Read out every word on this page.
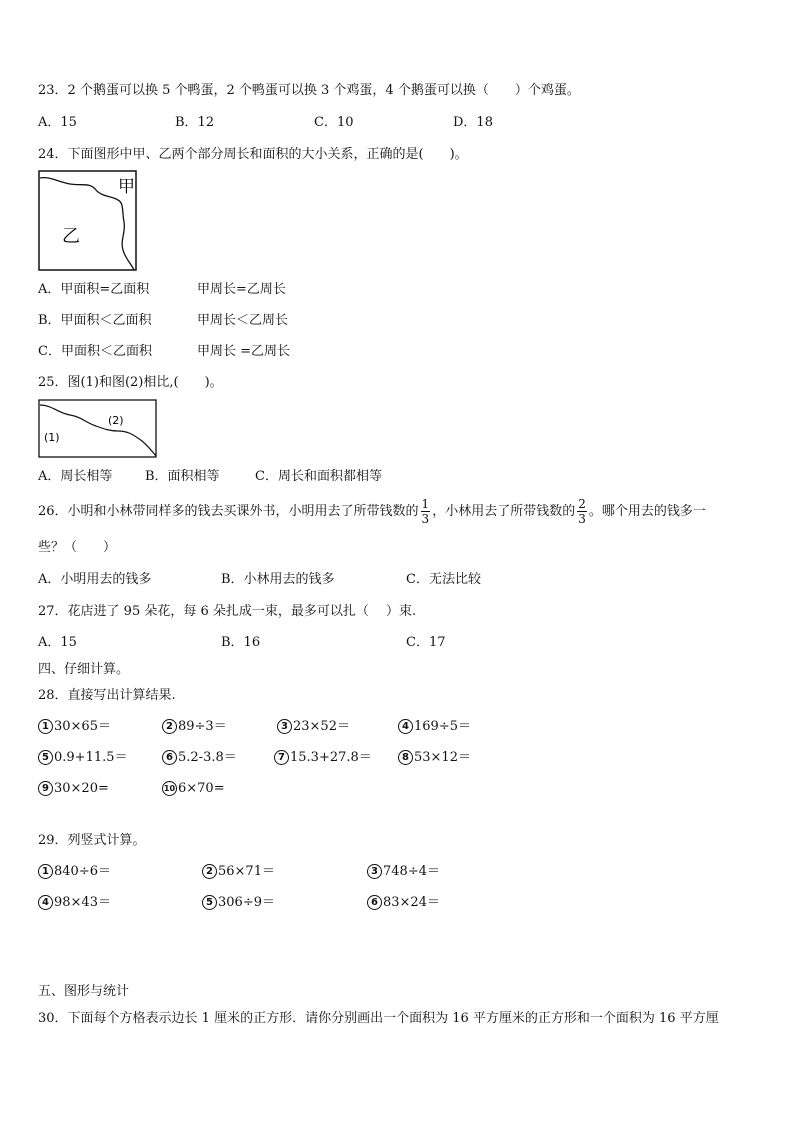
23．2 个鹅蛋可以换 5 个鸭蛋，2 个鸭蛋可以换 3 个鸡蛋，4 个鹅蛋可以换（　　）个鸡蛋。
A．15	B．12	C．10	D．18
24．下面图形中甲、乙两个部分周长和面积的大小关系，正确的是(　　)。
甲
乙
A．甲面积=乙面积	甲周长=乙周长
B．甲面积＜乙面积	甲周长＜乙周长
C．甲面积＜乙面积	甲周长 =乙周长
25．图(1)和图(2)相比,(　　)。
(2)
(1)
A．周长相等	B．面积相等	C．周长和面积都相等
26．小明和小林带同样多的钱去买课外书，小明用去了所带钱数的 $\frac{1}{3}$ ，小林用去了所带钱数的 $\frac{2}{3}$ 。哪个用去的钱多一
些？（　　）
A．小明用去的钱多	B．小林用去的钱多	C．无法比较
27．花店进了 95 朵花，每 6 朵扎成一束，最多可以扎（　 ）束.
A．15	B．16	C．17
四、仔细计算。
28．直接写出计算结果.
1 30×65＝	2 89÷3＝	3 23×52＝	4 169÷5＝
5 0.9+11.5＝	6 5.2-3.8＝	7 15.3+27.8＝	8 53×12＝
9 30×20=	10 6×70=
29．列竖式计算。
1 840÷6＝	2 56×71＝	3 748÷4＝
4 98×43＝	5 306÷9＝	6 83×24＝
五、图形与统计
30．下面每个方格表示边长 1 厘米的正方形．请你分别画出一个面积为 16 平方厘米的正方形和一个面积为 16 平方厘
